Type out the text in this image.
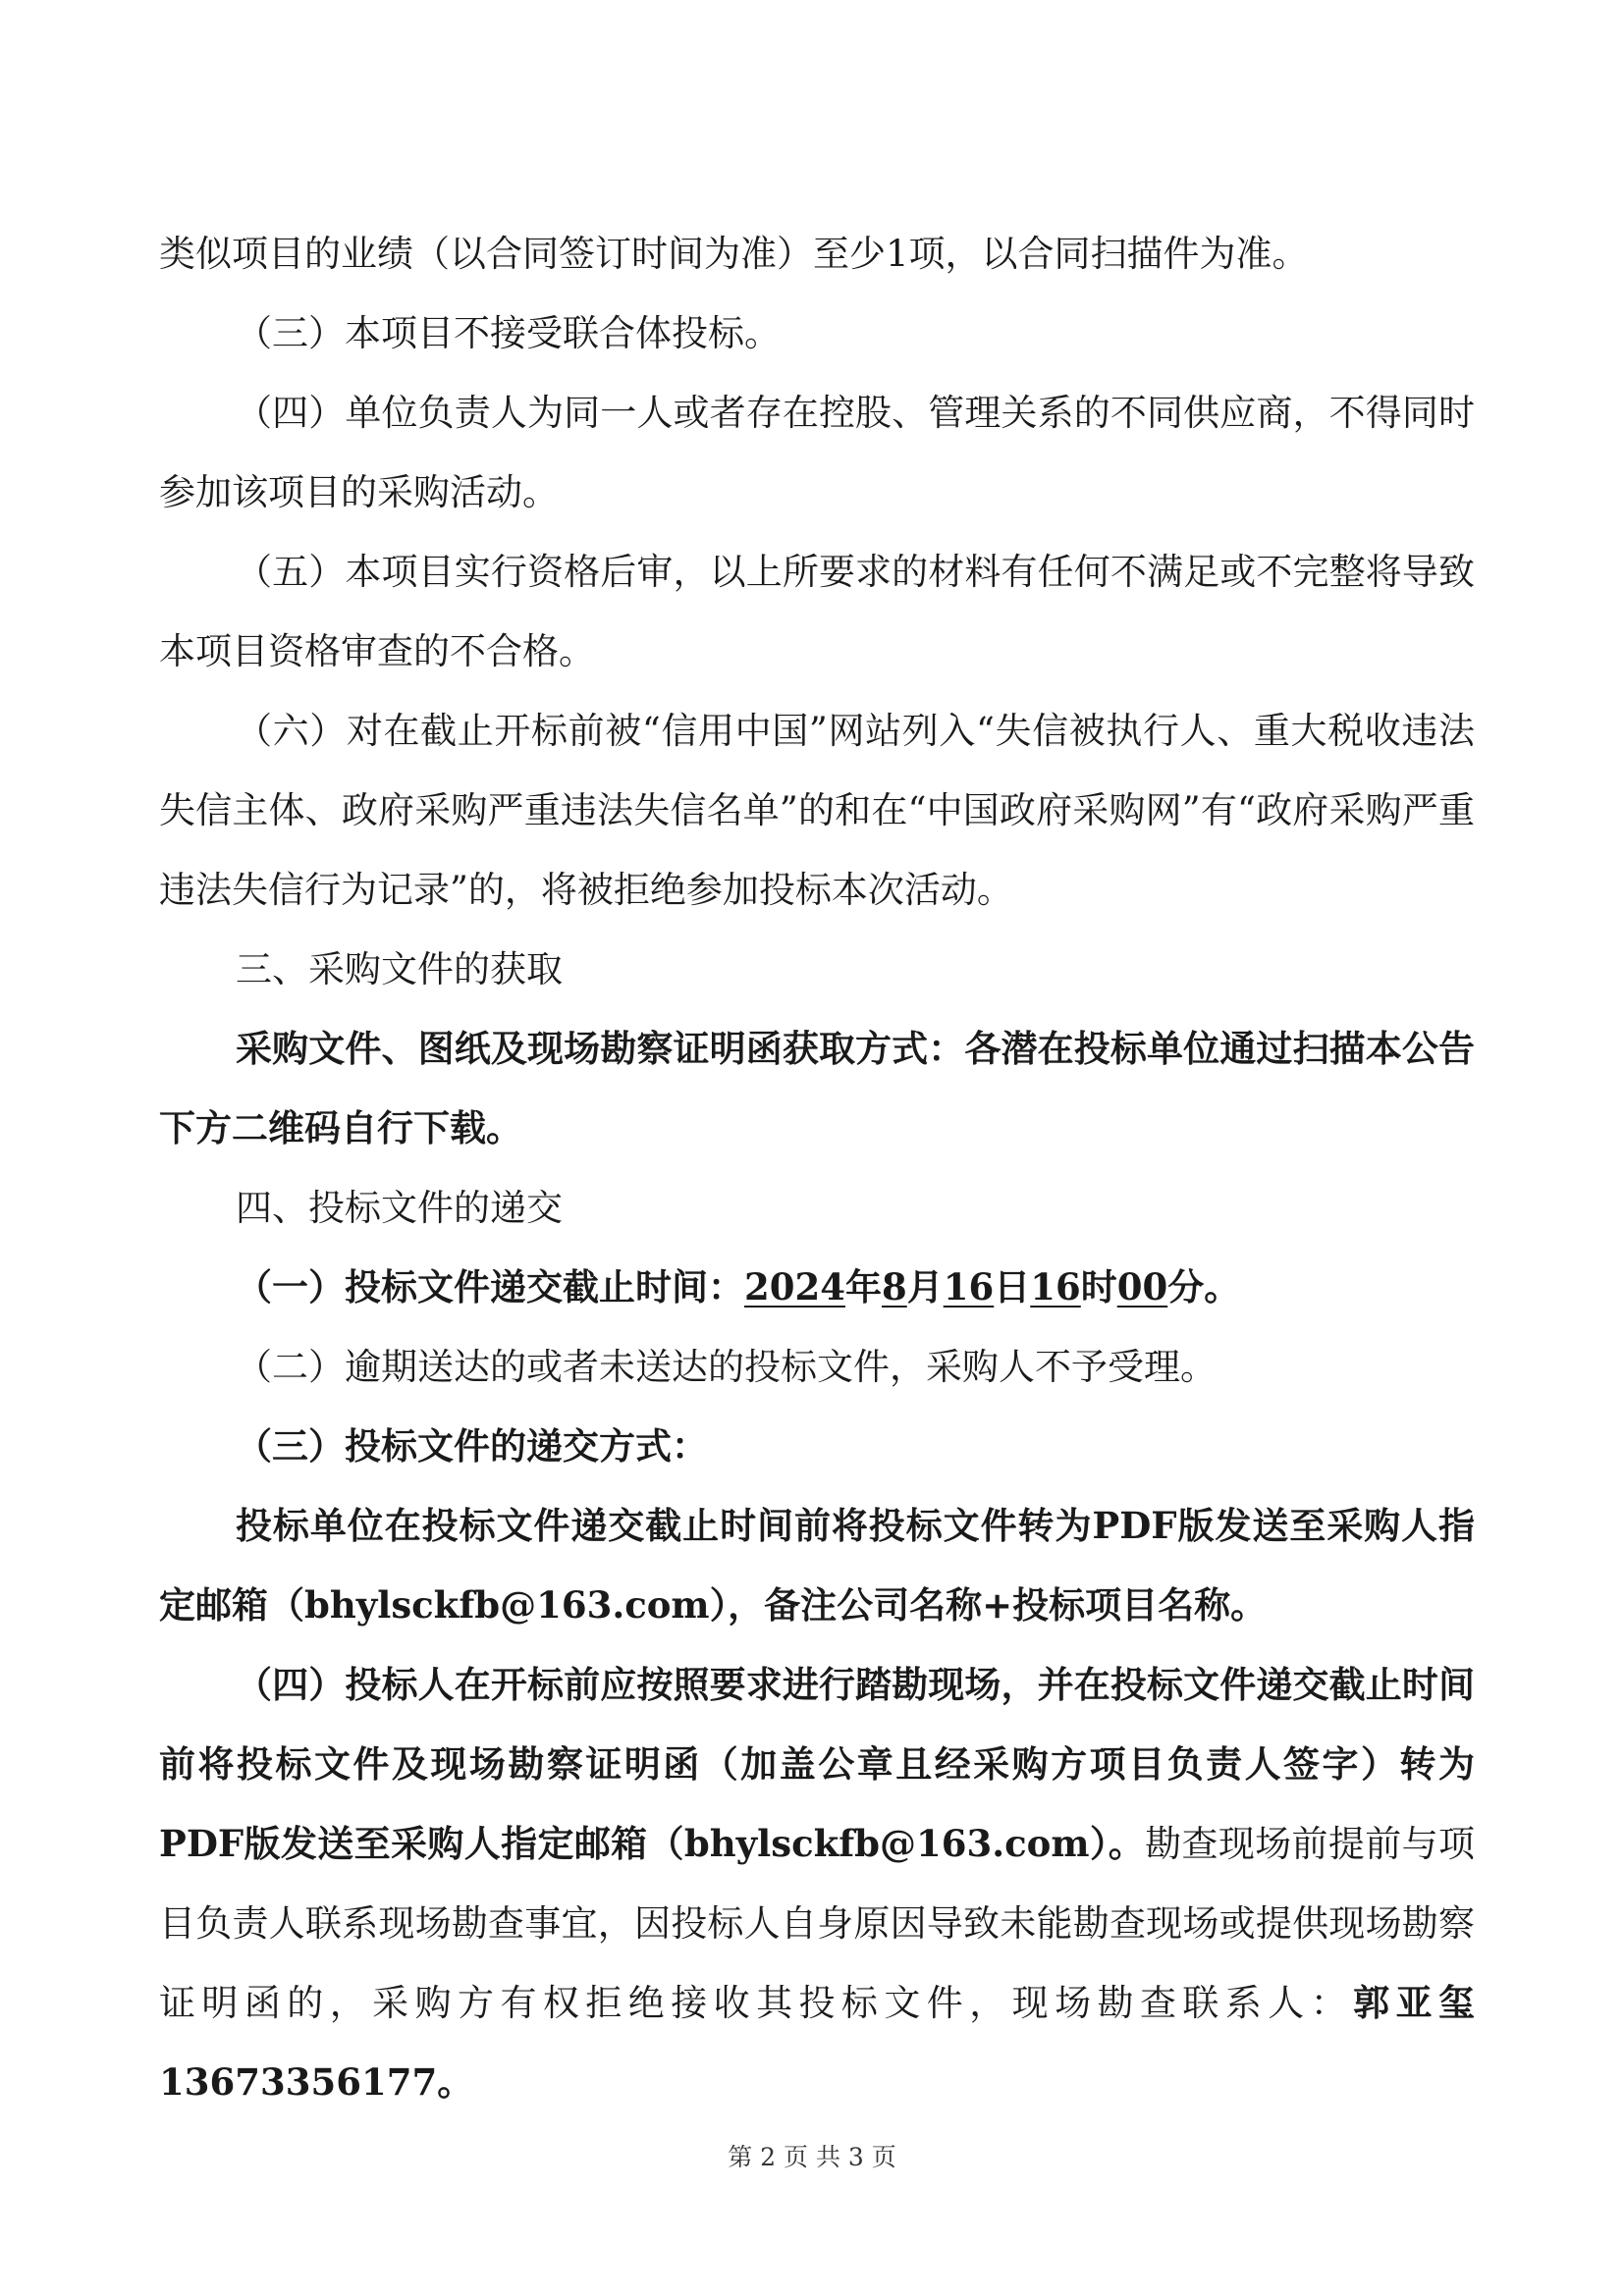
类似项目的业绩（以合同签订时间为准）至少1项，以合同扫描件为准。

（三）本项目不接受联合体投标。

（四）单位负责人为同一人或者存在控股、管理关系的不同供应商，不得同时参加该项目的采购活动。

（五）本项目实行资格后审，以上所要求的材料有任何不满足或不完整将导致本项目资格审查的不合格。

（六）对在截止开标前被“信用中国”网站列入“失信被执行人、重大税收违法失信主体、政府采购严重违法失信名单”的和在“中国政府采购网”有“政府采购严重违法失信行为记录”的，将被拒绝参加投标本次活动。

三、采购文件的获取

采购文件、图纸及现场勘察证明函获取方式：各潜在投标单位通过扫描本公告下方二维码自行下载。

四、投标文件的递交

（一）投标文件递交截止时间：2024年8月16日16时00分。

（二）逾期送达的或者未送达的投标文件，采购人不予受理。

（三）投标文件的递交方式：

投标单位在投标文件递交截止时间前将投标文件转为PDF版发送至采购人指定邮箱（bhylsckfb@163.com），备注公司名称+投标项目名称。

（四）投标人在开标前应按照要求进行踏勘现场，并在投标文件递交截止时间前将投标文件及现场勘察证明函（加盖公章且经采购方项目负责人签字）转为PDF版发送至采购人指定邮箱（bhylsckfb@163.com）。勘查现场前提前与项目负责人联系现场勘查事宜，因投标人自身原因导致未能勘查现场或提供现场勘察证明函的，采购方有权拒绝接收其投标文件，现场勘查联系人：郭亚玺13673356177。

第 2 页 共 3 页
